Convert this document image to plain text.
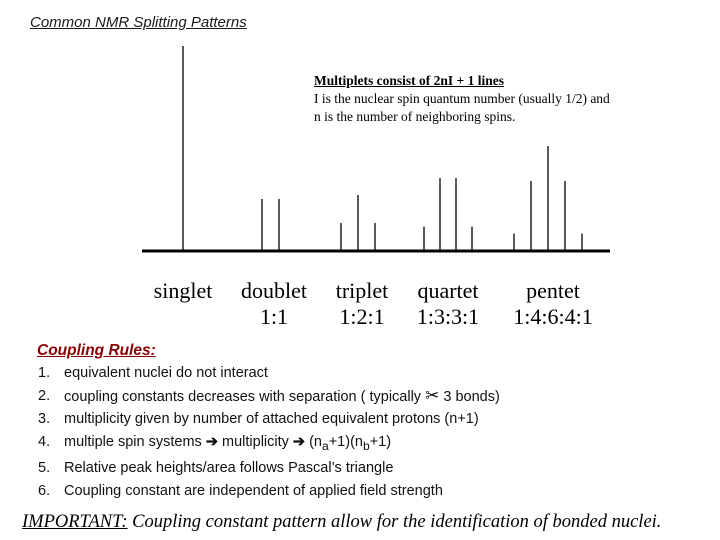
Common NMR Splitting Patterns
Multiplets consist of 2nI + 1 lines
I is the nuclear spin quantum number (usually 1/2) and
n is the number of neighboring spins.
singlet	doublet
1:1
triplet
1:2:1
quartet
1:3:3:1
pentet
1:4:6:4:1
Coupling Rules:
1. equivalent nuclei do not interact
2. coupling constants decreases with separation ( typically ✂ 3 bonds)
3. multiplicity given by number of attached equivalent protons (n+1)
4. multiple spin systems ➔ multiplicity ➔ $(n_a+1)(n_b+1)$
5. Relative peak heights/area follows Pascal’s triangle
6. Coupling constant are independent of applied field strength
IMPORTANT: Coupling constant pattern allow for the identification of bonded nuclei.
